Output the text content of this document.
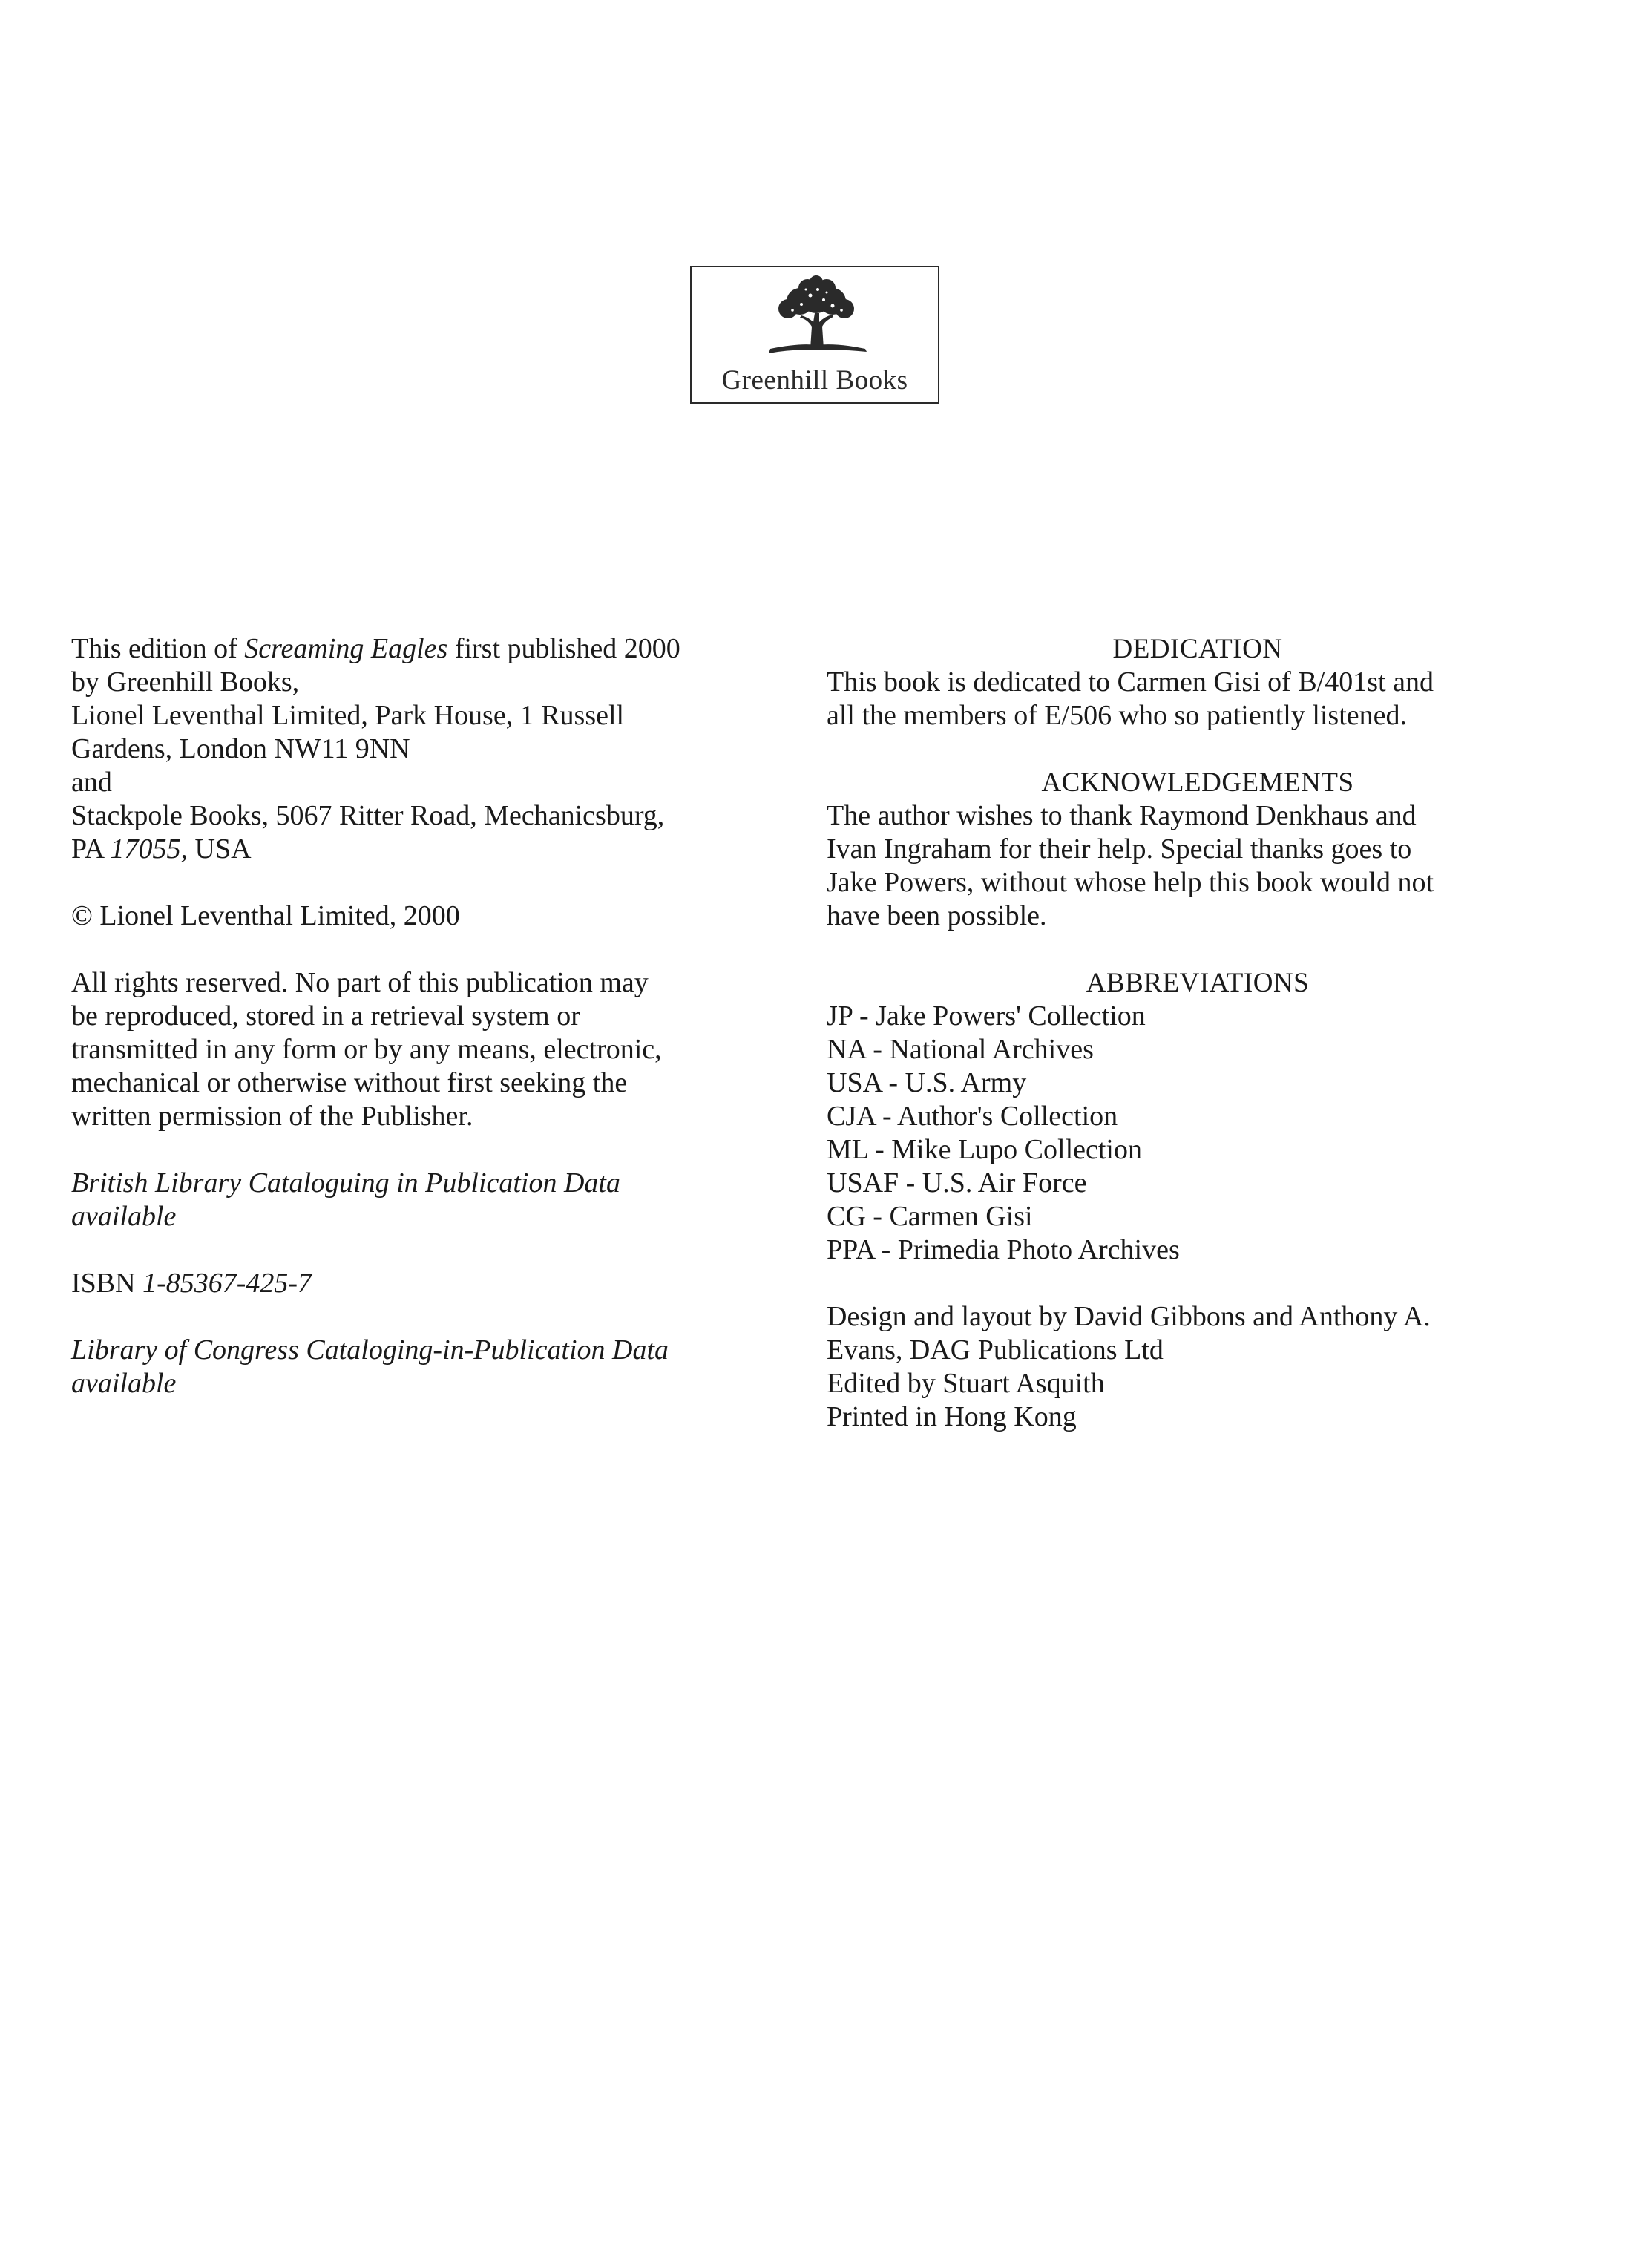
Greenhill Books

This edition of Screaming Eagles first published 2000
by Greenhill Books,
Lionel Leventhal Limited, Park House, 1 Russell
Gardens, London NW11 9NN
and
Stackpole Books, 5067 Ritter Road, Mechanicsburg,
PA 17055, USA

© Lionel Leventhal Limited, 2000

All rights reserved. No part of this publication may
be reproduced, stored in a retrieval system or
transmitted in any form or by any means, electronic,
mechanical or otherwise without first seeking the
written permission of the Publisher.

British Library Cataloguing in Publication Data
available

ISBN 1-85367-425-7

Library of Congress Cataloging-in-Publication Data
available

DEDICATION

This book is dedicated to Carmen Gisi of B/401st and
all the members of E/506 who so patiently listened.

ACKNOWLEDGEMENTS

The author wishes to thank Raymond Denkhaus and
Ivan Ingraham for their help. Special thanks goes to
Jake Powers, without whose help this book would not
have been possible.

ABBREVIATIONS
JP - Jake Powers' Collection
NA - National Archives
USA - U.S. Army
CJA - Author's Collection
ML - Mike Lupo Collection
USAF - U.S. Air Force
CG - Carmen Gisi
PPA - Primedia Photo Archives

Design and layout by David Gibbons and Anthony A.
Evans, DAG Publications Ltd
Edited by Stuart Asquith
Printed in Hong Kong
